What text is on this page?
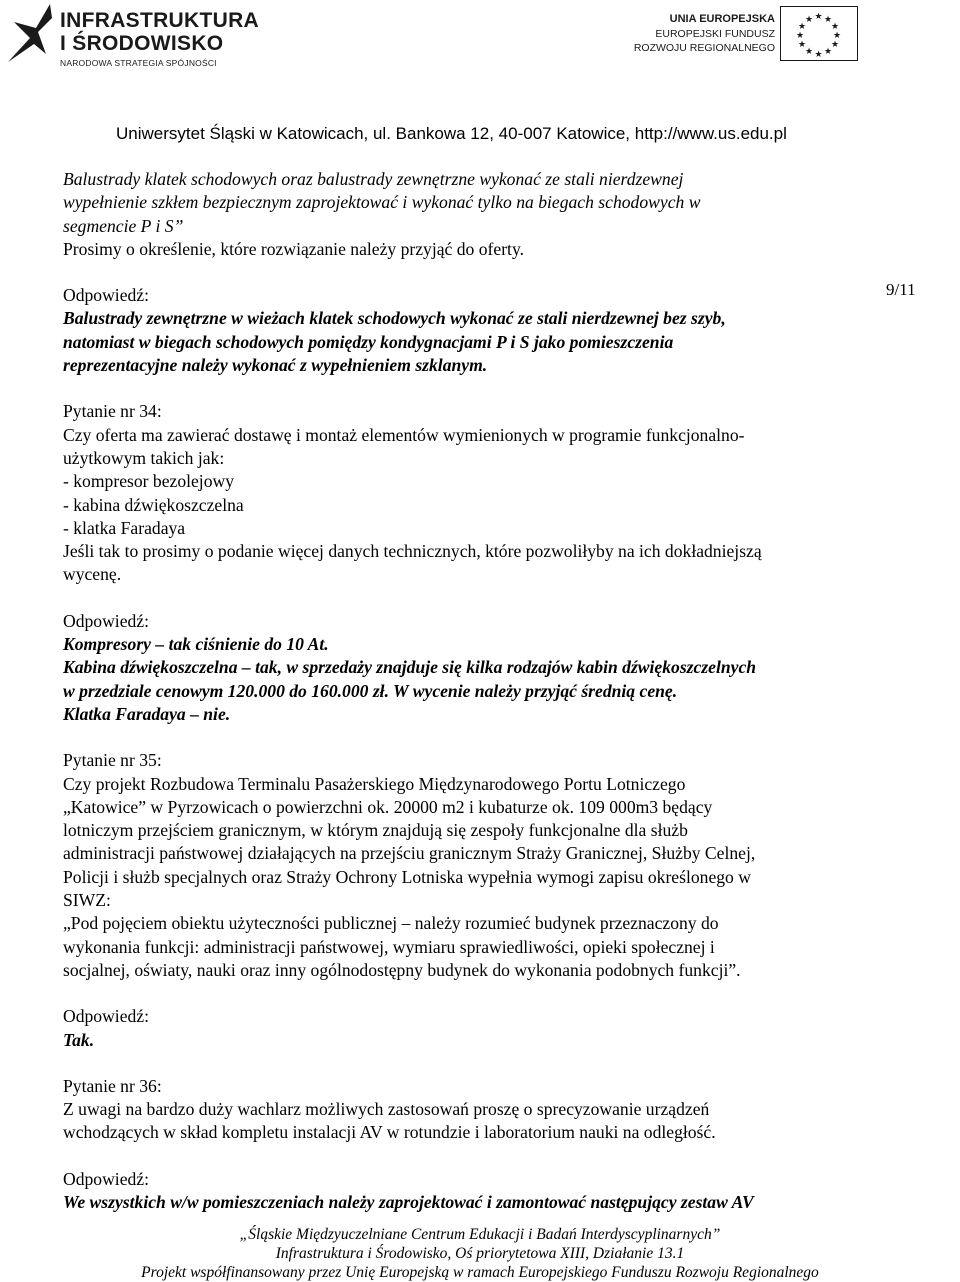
INFRASTRUKTURA
I ŚRODOWISKO
NARODOWA STRATEGIA SPÓJNOŚCI
UNIA EUROPEJSKA
EUROPEJSKI FUNDUSZ
ROZWOJU REGIONALNEGO
★ ★
★
★
★
★
★
★
★
★
★
★
Uniwersytet Śląski w Katowicach, ul. Bankowa 12, 40-007 Katowice, http://www.us.edu.pl
9/11

Balustrady klatek schodowych oraz balustrady zewnętrzne wykonać ze stali nierdzewnej

wypełnienie szkłem bezpiecznym zaprojektować i wykonać tylko na biegach schodowych w

segmencie P i S”

Prosimy o określenie, które rozwiązanie należy przyjąć do oferty.

Odpowiedź:

Balustrady zewnętrzne w wieżach klatek schodowych wykonać ze stali nierdzewnej bez szyb,

natomiast w biegach schodowych pomiędzy kondygnacjami P i S jako pomieszczenia

reprezentacyjne należy wykonać z wypełnieniem szklanym.

Pytanie nr 34:

Czy oferta ma zawierać dostawę i montaż elementów wymienionych w programie funkcjonalno-

użytkowym takich jak:

- kompresor bezolejowy

- kabina dźwiękoszczelna

- klatka Faradaya

Jeśli tak to prosimy o podanie więcej danych technicznych, które pozwoliłyby na ich dokładniejszą

wycenę.

Odpowiedź:

Kompresory – tak ciśnienie do 10 At.

Kabina dźwiękoszczelna – tak, w sprzedaży znajduje się kilka rodzajów kabin dźwiękoszczelnych

w przedziale cenowym 120.000 do 160.000 zł. W wycenie należy przyjąć średnią cenę.

Klatka Faradaya – nie.

Pytanie nr 35:

Czy projekt Rozbudowa Terminalu Pasażerskiego Międzynarodowego Portu Lotniczego

„Katowice” w Pyrzowicach o powierzchni ok. 20000 m2 i kubaturze ok. 109 000m3 będący

lotniczym przejściem granicznym, w którym znajdują się zespoły funkcjonalne dla służb

administracji państwowej działających na przejściu granicznym Straży Granicznej, Służby Celnej,

Policji i służb specjalnych oraz Straży Ochrony Lotniska wypełnia wymogi zapisu określonego w

SIWZ:

„Pod pojęciem obiektu użyteczności publicznej – należy rozumieć budynek przeznaczony do

wykonania funkcji: administracji państwowej, wymiaru sprawiedliwości, opieki społecznej i

socjalnej, oświaty, nauki oraz inny ogólnodostępny budynek do wykonania podobnych funkcji”.

Odpowiedź:

Tak.

Pytanie nr 36:

Z uwagi na bardzo duży wachlarz możliwych zastosowań proszę o sprecyzowanie urządzeń

wchodzących w skład kompletu instalacji AV w rotundzie i laboratorium nauki na odległość.

Odpowiedź:

We wszystkich w/w pomieszczeniach należy zaprojektować i zamontować następujący zestaw AV

„Śląskie Międzyuczelniane Centrum Edukacji i Badań Interdyscyplinarnych”
Infrastruktura i Środowisko, Oś priorytetowa XIII, Działanie 13.1
Projekt współfinansowany przez Unię Europejską w ramach Europejskiego Funduszu Rozwoju Regionalnego
